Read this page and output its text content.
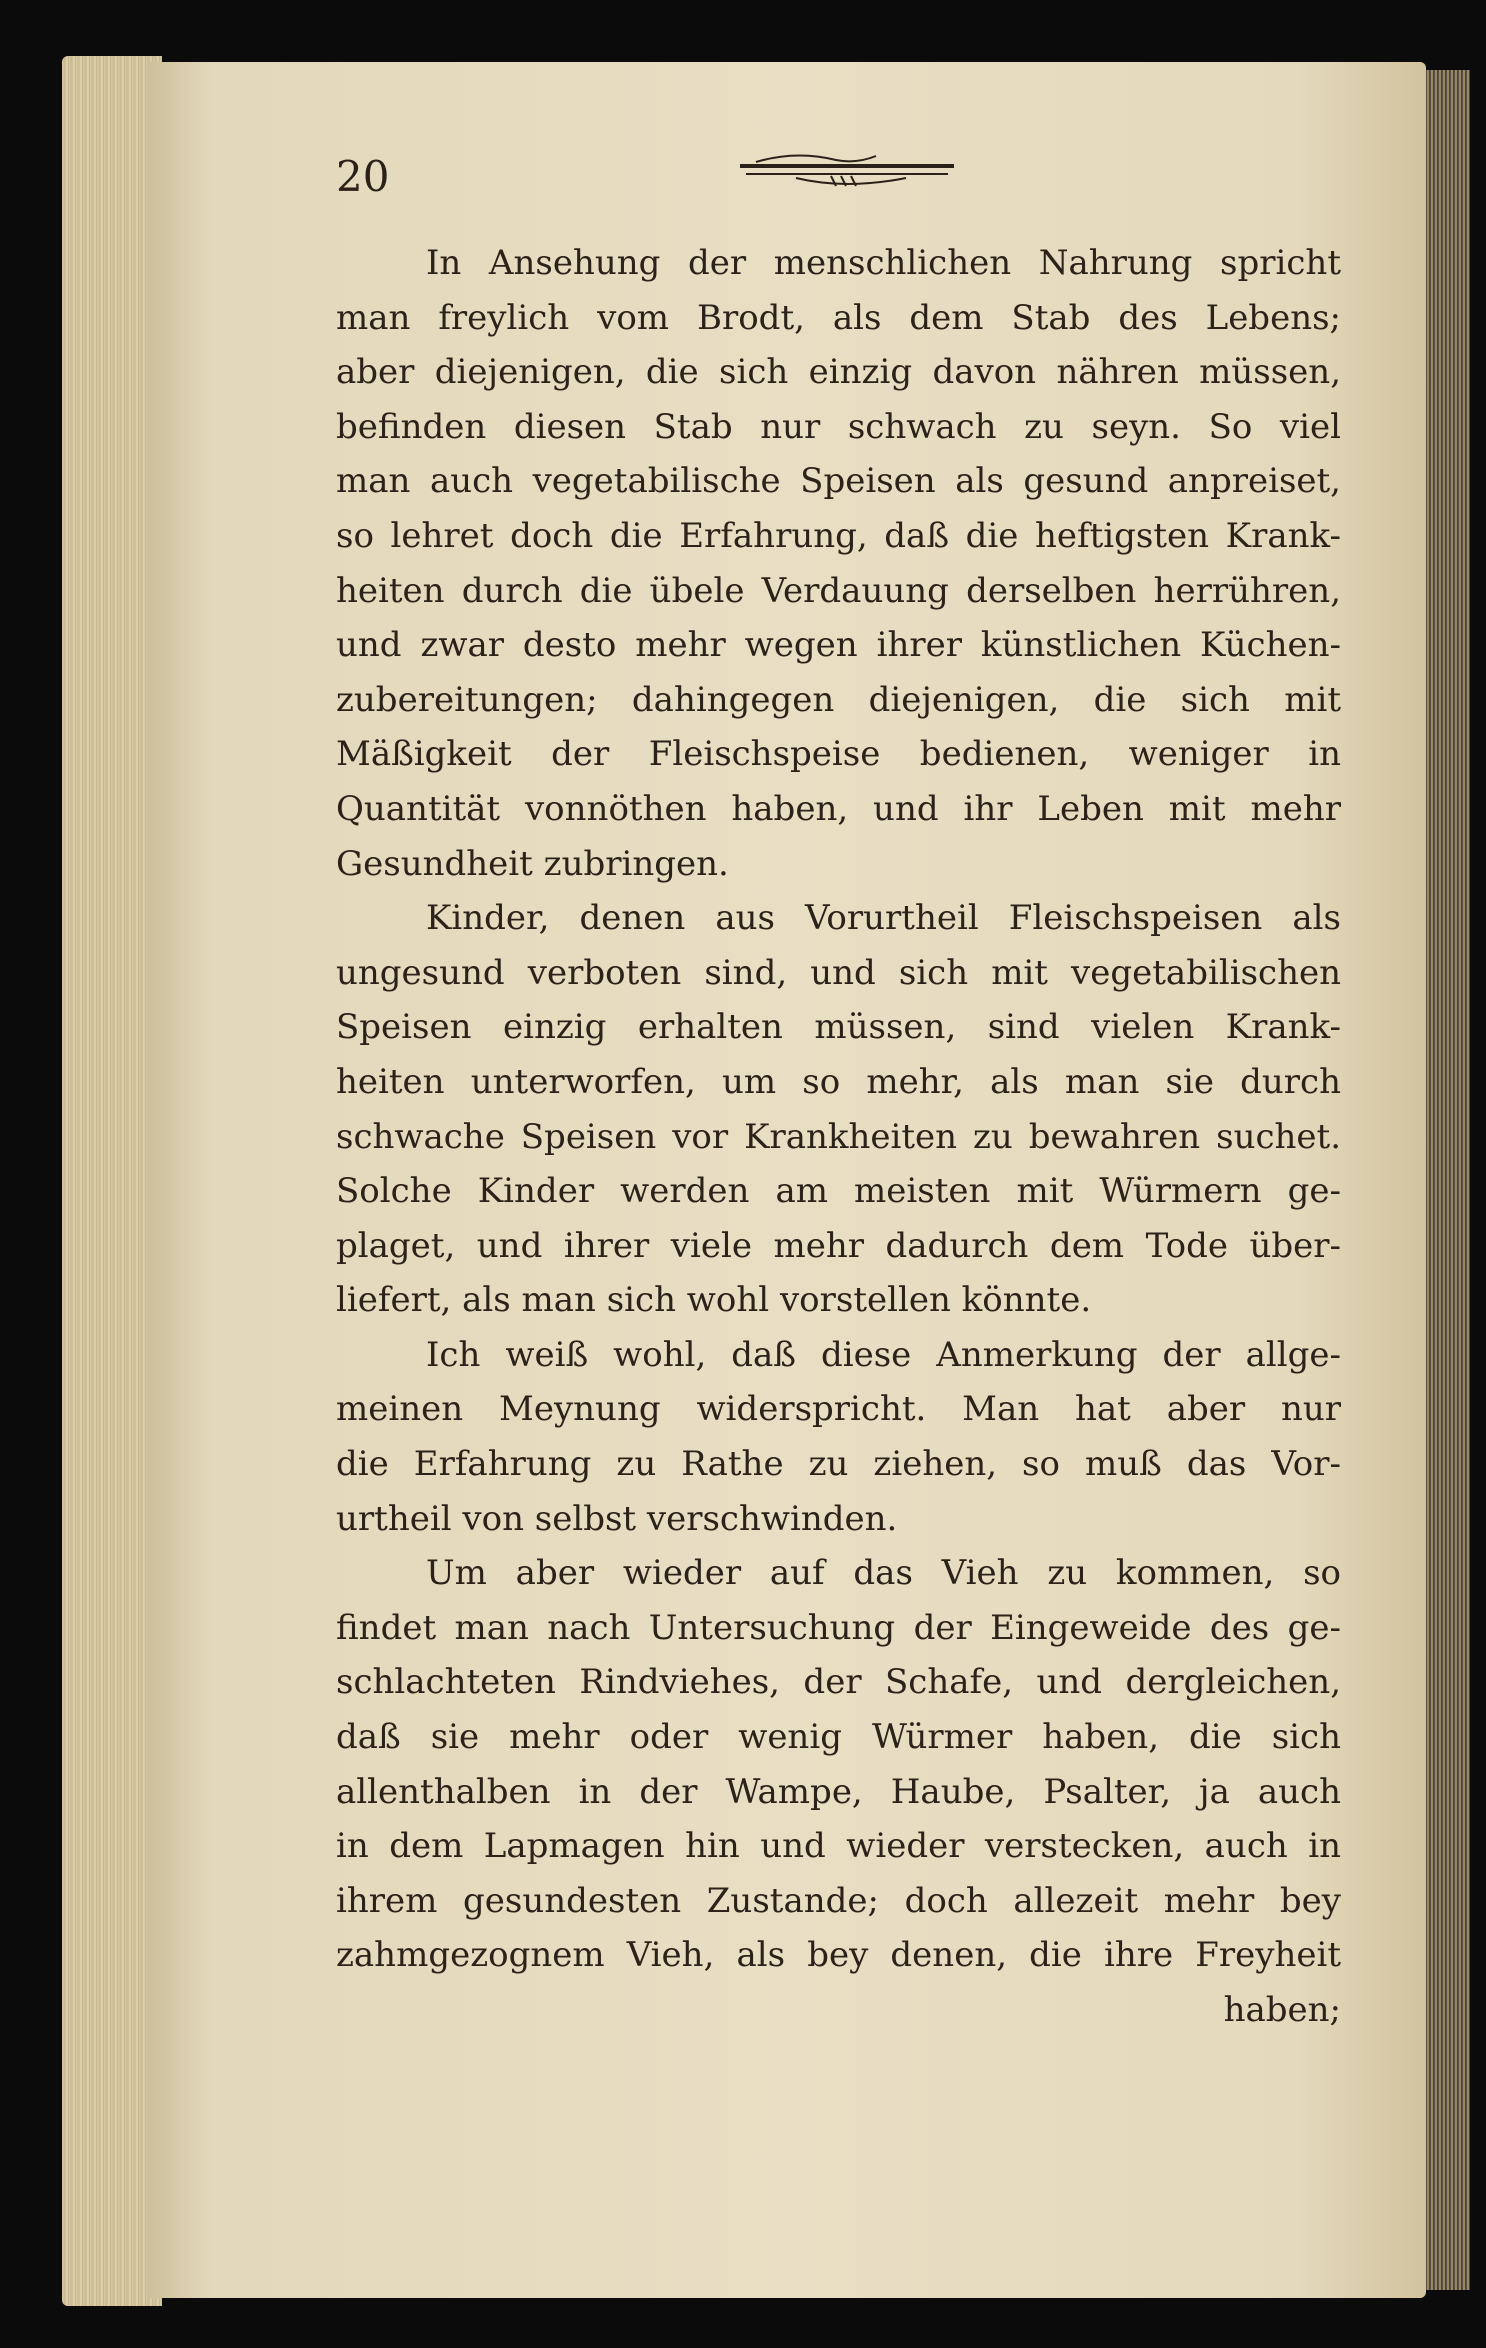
20
In Ansehung der menschlichen Nahrung spricht
man freylich vom Brodt, als dem Stab des Lebens;
aber diejenigen, die sich einzig davon nähren müssen,
befinden diesen Stab nur schwach zu seyn. So viel
man auch vegetabilische Speisen als gesund anpreiset,
so lehret doch die Erfahrung, daß die heftigsten Krank-
heiten durch die übele Verdauung derselben herrühren,
und zwar desto mehr wegen ihrer künstlichen Küchen-
zubereitungen; dahingegen diejenigen, die sich mit
Mäßigkeit der Fleischspeise bedienen, weniger in
Quantität vonnöthen haben, und ihr Leben mit mehr
Gesundheit zubringen.
Kinder, denen aus Vorurtheil Fleischspeisen als
ungesund verboten sind, und sich mit vegetabilischen
Speisen einzig erhalten müssen, sind vielen Krank-
heiten unterworfen, um so mehr, als man sie durch
schwache Speisen vor Krankheiten zu bewahren suchet.
Solche Kinder werden am meisten mit Würmern ge-
plaget, und ihrer viele mehr dadurch dem Tode über-
liefert, als man sich wohl vorstellen könnte.
Ich weiß wohl, daß diese Anmerkung der allge-
meinen Meynung widerspricht. Man hat aber nur
die Erfahrung zu Rathe zu ziehen, so muß das Vor-
urtheil von selbst verschwinden.
Um aber wieder auf das Vieh zu kommen, so
findet man nach Untersuchung der Eingeweide des ge-
schlachteten Rindviehes, der Schafe, und dergleichen,
daß sie mehr oder wenig Würmer haben, die sich
allenthalben in der Wampe, Haube, Psalter, ja auch
in dem Lapmagen hin und wieder verstecken, auch in
ihrem gesundesten Zustande; doch allezeit mehr bey
zahmgezognem Vieh, als bey denen, die ihre Freyheit
haben;
